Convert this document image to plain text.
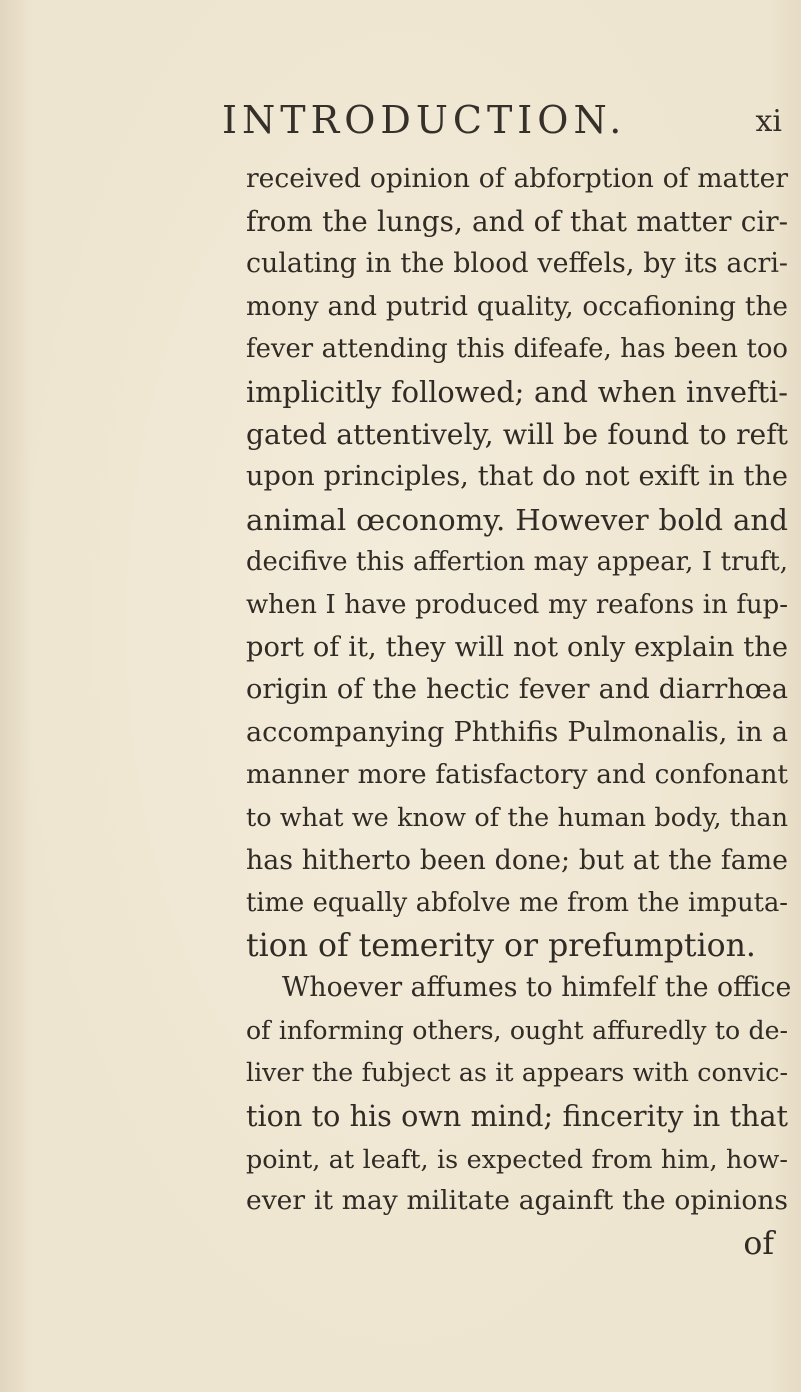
INTRODUCTION.	xi
received opinion of abforption of matter
from the lungs, and of that matter cir-
culating in the blood veffels, by its acri-
mony and putrid quality, occafioning the
fever attending this difeafe, has been too
implicitly followed; and when invefti-
gated attentively, will be found to reft
upon principles, that do not exift in the
animal œconomy. However bold and
decifive this affertion may appear, I truft,
when I have produced my reafons in fup-
port of it, they will not only explain the
origin of the hectic fever and diarrhœa
accompanying Phthifis Pulmonalis, in a
manner more fatisfactory and confonant
to what we know of the human body, than
has hitherto been done; but at the fame
time equally abfolve me from the imputa-
tion of temerity or prefumption.
Whoever affumes to himfelf the office
of informing others, ought affuredly to de-
liver the fubject as it appears with convic-
tion to his own mind; fincerity in that
point, at leaft, is expected from him, how-
ever it may militate againft the opinions
of
